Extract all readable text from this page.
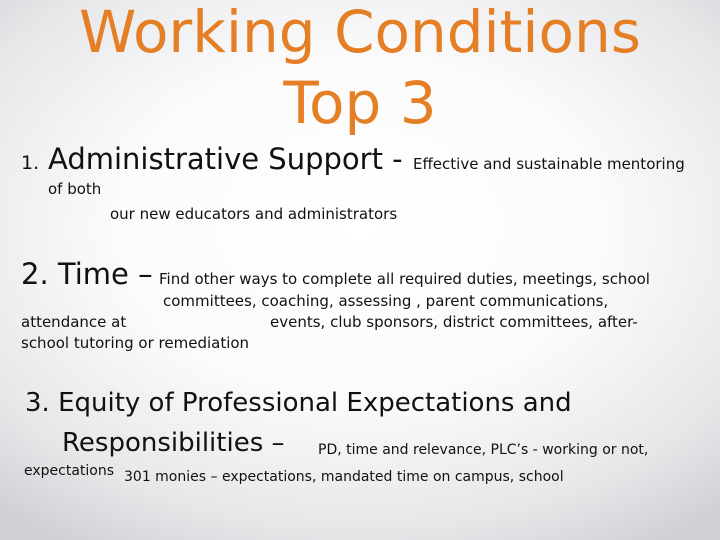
Working Conditions
Top 3
1. Administrative Support - Effective and sustainable mentoring
of both
our new educators and administrators
2. Time – Find other ways to complete all required duties, meetings, school
committees, coaching, assessing , parent communications,
attendance at	events, club sponsors, district committees, after-
school tutoring or remediation
3. Equity of Professional Expectations and
Responsibilities – PD, time and relevance, PLC’s - working or not,
301 monies – expectations, mandated time on campus, school
expectations
